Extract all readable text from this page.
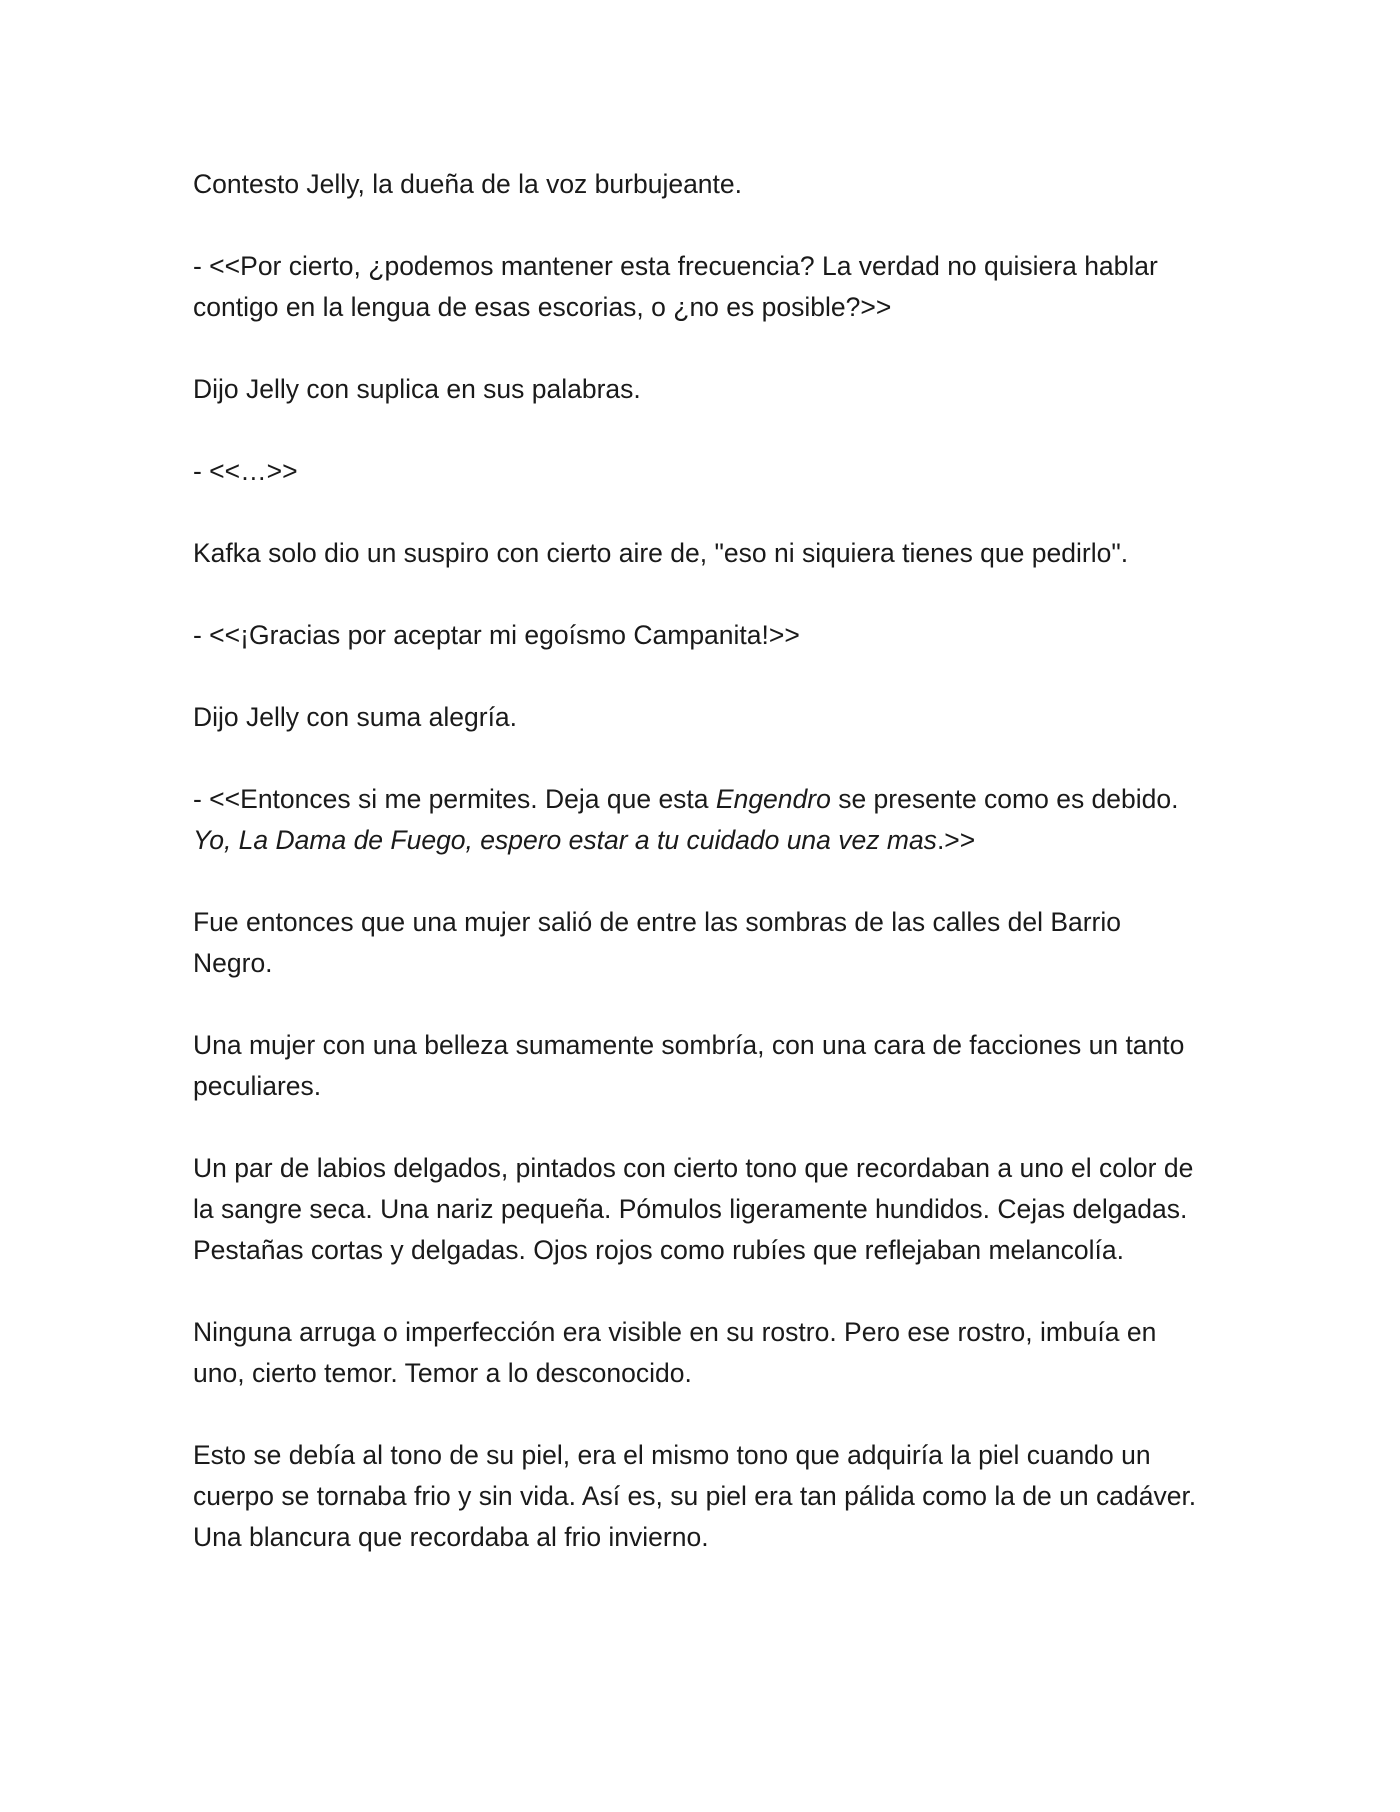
Contesto Jelly, la dueña de la voz burbujeante.

- <<Por cierto, ¿podemos mantener esta frecuencia? La verdad no quisiera hablar contigo en la lengua de esas escorias, o ¿no es posible?>>

Dijo Jelly con suplica en sus palabras.

- <<…>>

Kafka solo dio un suspiro con cierto aire de, "eso ni siquiera tienes que pedirlo".

- <<¡Gracias por aceptar mi egoísmo Campanita!>>

Dijo Jelly con suma alegría.

- <<Entonces si me permites. Deja que esta Engendro se presente como es debido. Yo, La Dama de Fuego, espero estar a tu cuidado una vez mas.>>

Fue entonces que una mujer salió de entre las sombras de las calles del Barrio Negro.

Una mujer con una belleza sumamente sombría, con una cara de facciones un tanto peculiares.

Un par de labios delgados, pintados con cierto tono que recordaban a uno el color de la sangre seca. Una nariz pequeña. Pómulos ligeramente hundidos. Cejas delgadas. Pestañas cortas y delgadas. Ojos rojos como rubíes que reflejaban melancolía.

Ninguna arruga o imperfección era visible en su rostro. Pero ese rostro, imbuía en uno, cierto temor. Temor a lo desconocido.

Esto se debía al tono de su piel, era el mismo tono que adquiría la piel cuando un cuerpo se tornaba frio y sin vida. Así es, su piel era tan pálida como la de un cadáver. Una blancura que recordaba al frio invierno.
